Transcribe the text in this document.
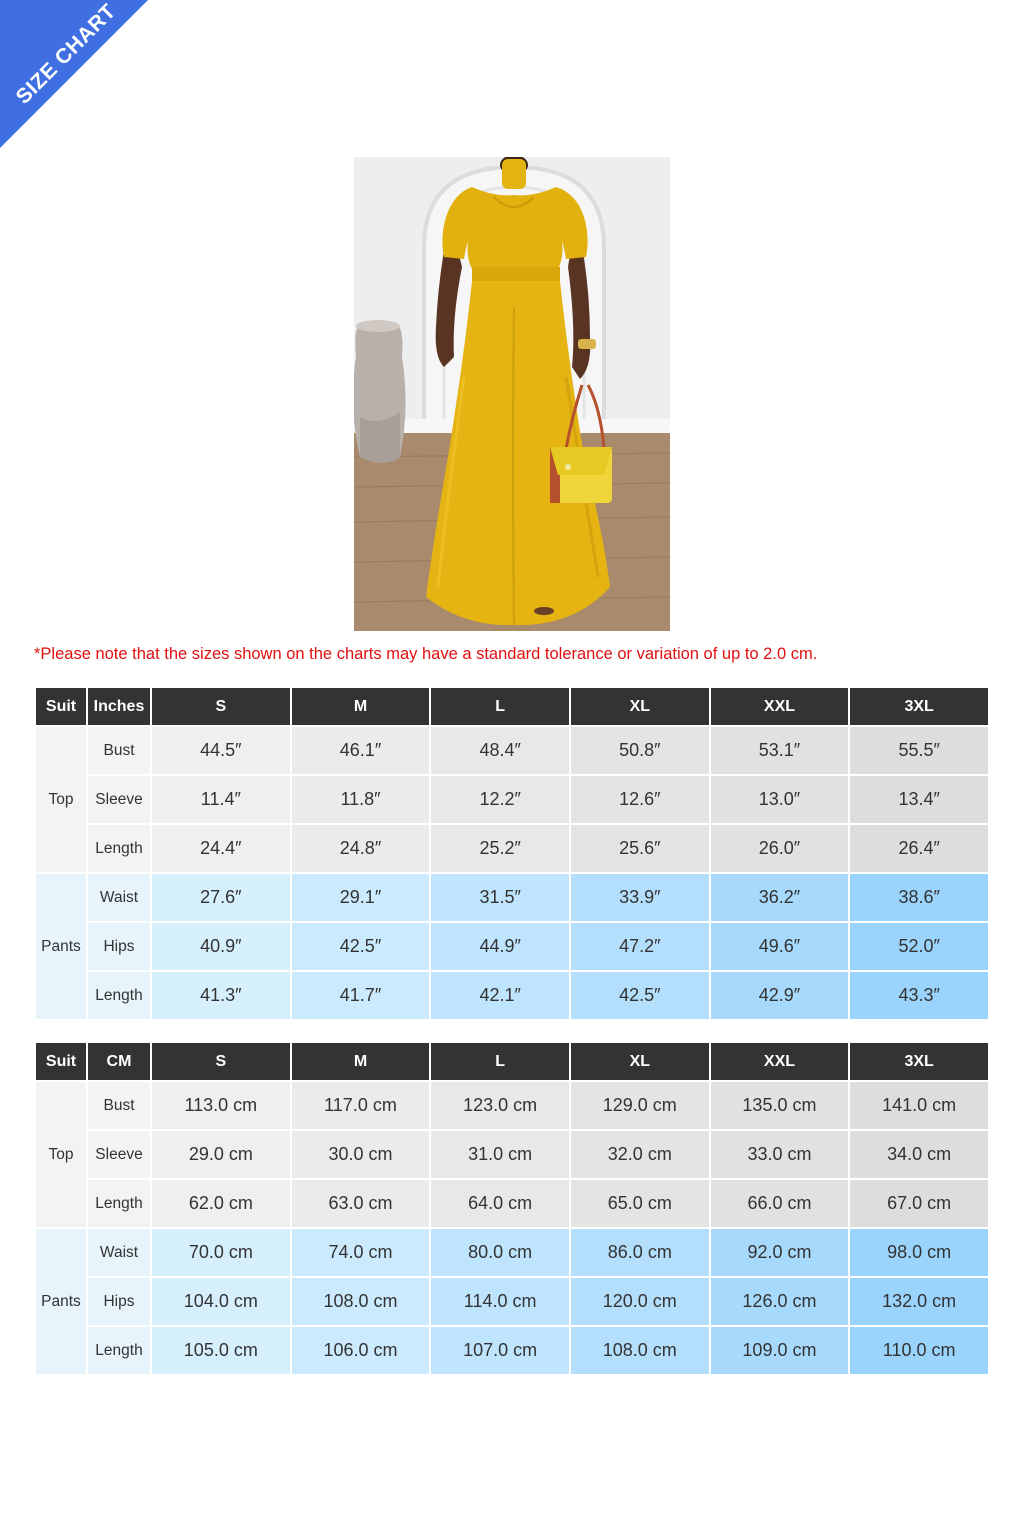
SIZE CHART
*Please note that the sizes shown on the charts may have a standard tolerance or variation of up to 2.0 cm.
Suit	Inches	S	M	L	XL	XXL	3XL
Top	Bust	44.5″	46.1″	48.4″	50.8″	53.1″	55.5″
	Sleeve	11.4″	11.8″	12.2″	12.6″	13.0″	13.4″
	Length	24.4″	24.8″	25.2″	25.6″	26.0″	26.4″
Pants	Waist	27.6″	29.1″	31.5″	33.9″	36.2″	38.6″
	Hips	40.9″	42.5″	44.9″	47.2″	49.6″	52.0″
	Length	41.3″	41.7″	42.1″	42.5″	42.9″	43.3″
Suit	CM	S	M	L	XL	XXL	3XL
Top	Bust	113.0 cm	117.0 cm	123.0 cm	129.0 cm	135.0 cm	141.0 cm
	Sleeve	29.0 cm	30.0 cm	31.0 cm	32.0 cm	33.0 cm	34.0 cm
	Length	62.0 cm	63.0 cm	64.0 cm	65.0 cm	66.0 cm	67.0 cm
Pants	Waist	70.0 cm	74.0 cm	80.0 cm	86.0 cm	92.0 cm	98.0 cm
	Hips	104.0 cm	108.0 cm	114.0 cm	120.0 cm	126.0 cm	132.0 cm
	Length	105.0 cm	106.0 cm	107.0 cm	108.0 cm	109.0 cm	110.0 cm
